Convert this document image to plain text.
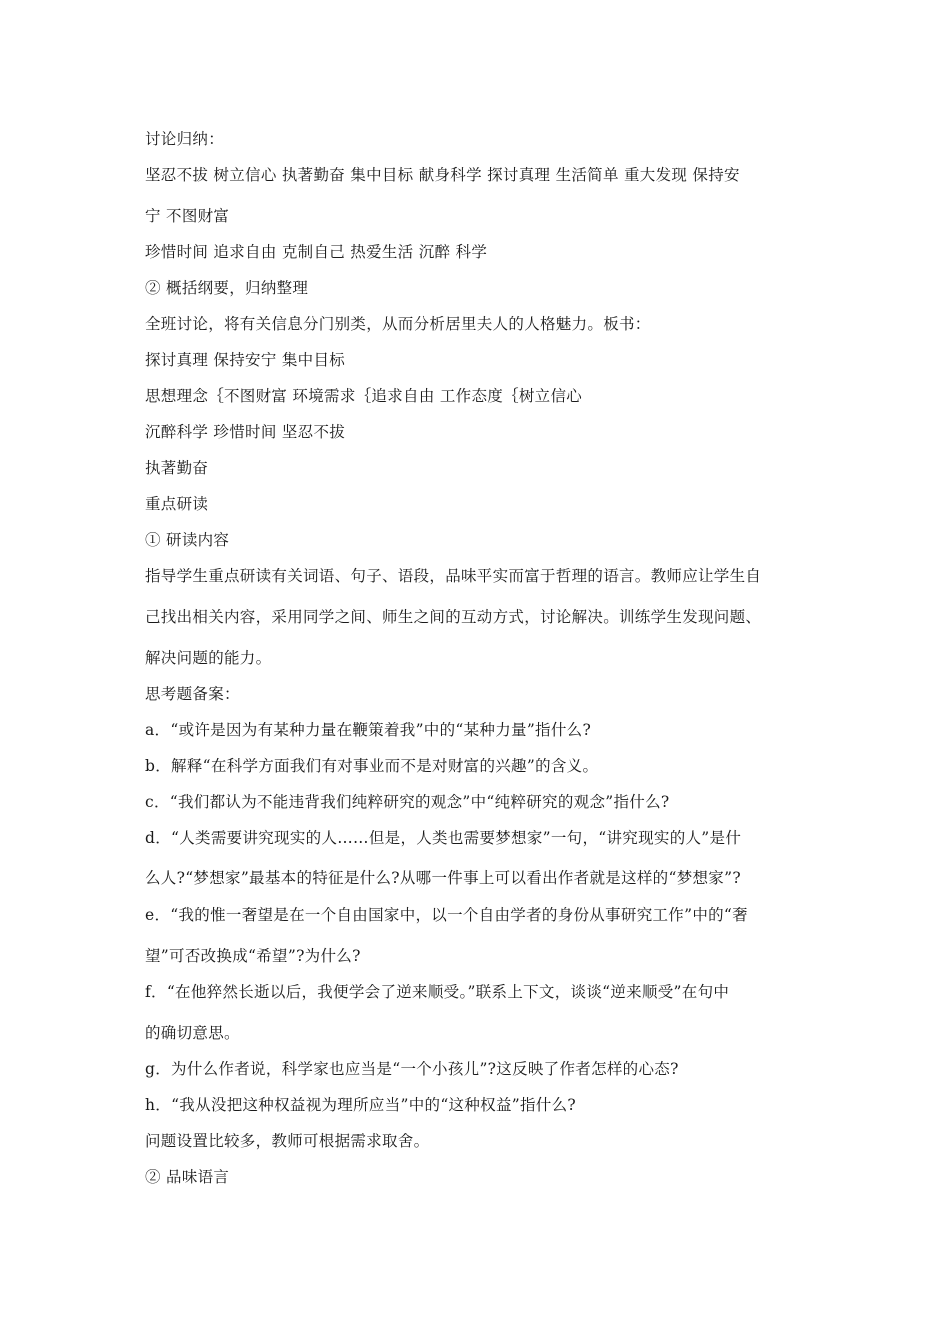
讨论归纳：
坚忍不拔 树立信心 执著勤奋 集中目标 献身科学 探讨真理 生活简单 重大发现 保持安
宁 不图财富
珍惜时间 追求自由 克制自己 热爱生活 沉醉 科学
② 概括纲要，归纳整理
全班讨论，将有关信息分门别类，从而分析居里夫人的人格魅力。板书：
探讨真理 保持安宁 集中目标
思想理念｛不图财富 环境需求｛追求自由 工作态度｛树立信心
沉醉科学 珍惜时间 坚忍不拔
执著勤奋
重点研读
① 研读内容
指导学生重点研读有关词语、句子、语段，品味平实而富于哲理的语言。教师应让学生自
己找出相关内容，采用同学之间、师生之间的互动方式，讨论解决。训练学生发现问题、
解决问题的能力。
思考题备案：
a．“或许是因为有某种力量在鞭策着我”中的“某种力量”指什么?
b．解释“在科学方面我们有对事业而不是对财富的兴趣”的含义。
c．“我们都认为不能违背我们纯粹研究的观念”中“纯粹研究的观念”指什么?
d．“人类需要讲究现实的人……但是，人类也需要梦想家”一句，“讲究现实的人”是什
么人?“梦想家”最基本的特征是什么?从哪一件事上可以看出作者就是这样的“梦想家”?
e．“我的惟一奢望是在一个自由国家中，以一个自由学者的身份从事研究工作”中的“奢
望”可否改换成“希望”?为什么?
f．“在他猝然长逝以后，我便学会了逆来顺受。”联系上下文，谈谈“逆来顺受”在句中
的确切意思。
g．为什么作者说，科学家也应当是“一个小孩儿”?这反映了作者怎样的心态?
h．“我从没把这种权益视为理所应当”中的“这种权益”指什么?
问题设置比较多，教师可根据需求取舍。
② 品味语言
